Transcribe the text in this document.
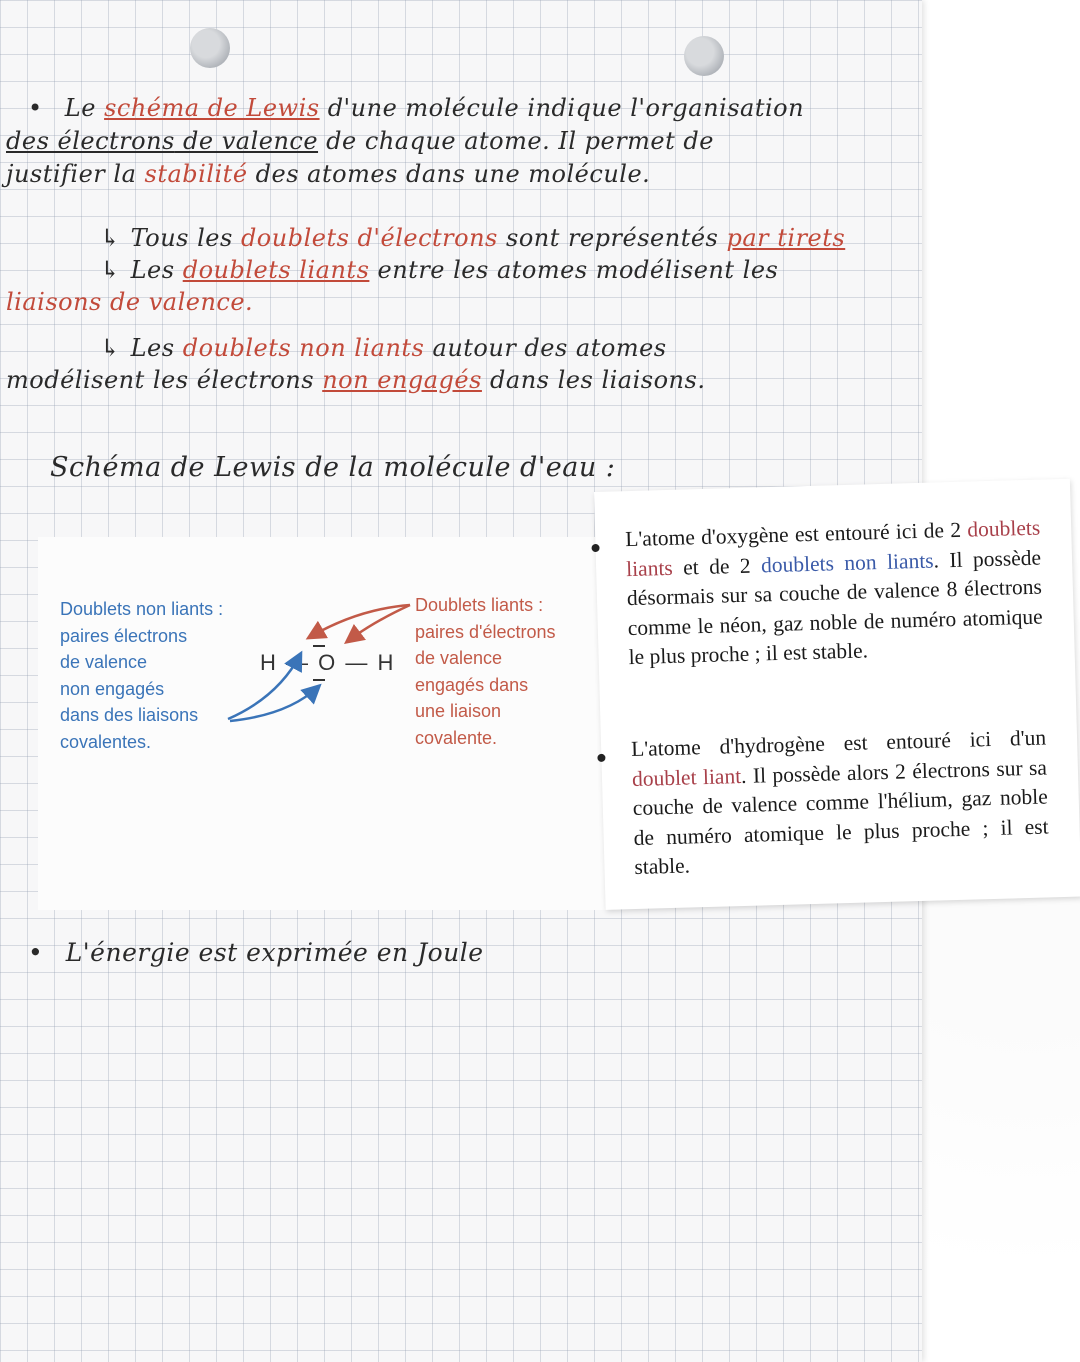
• Le schéma de Lewis d'une molécule indique l'organisation
des électrons de valence de chaque atome. Il permet de
justifier la stabilité des atomes dans une molécule.
↳ Tous les doublets d'électrons sont représentés par tirets
↳ Les doublets liants entre les atomes modélisent les
liaisons de valence.
↳ Les doublets non liants autour des atomes
modélisent les électrons non engagés dans les liaisons.
Schéma de Lewis de la molécule d'eau :
• L'énergie est exprimée en Joule
Doublets non liants :
paires électrons
de valence
non engagés
dans des liaisons
covalentes.
H — O — H
Doublets liants :
paires d'électrons
de valence
engagés dans
une liaison
covalente.
L'atome d'oxygène est entouré ici de 2 doublets liants et de 2 doublets non liants. Il possède désormais sur sa couche de valence 8 électrons comme le néon, gaz noble de numéro atomique le plus proche ; il est stable.
L'atome d'hydrogène est entouré ici d'un doublet liant. Il possède alors 2 électrons sur sa couche de valence comme l'hélium, gaz noble de numéro atomique le plus proche ; il est stable.
